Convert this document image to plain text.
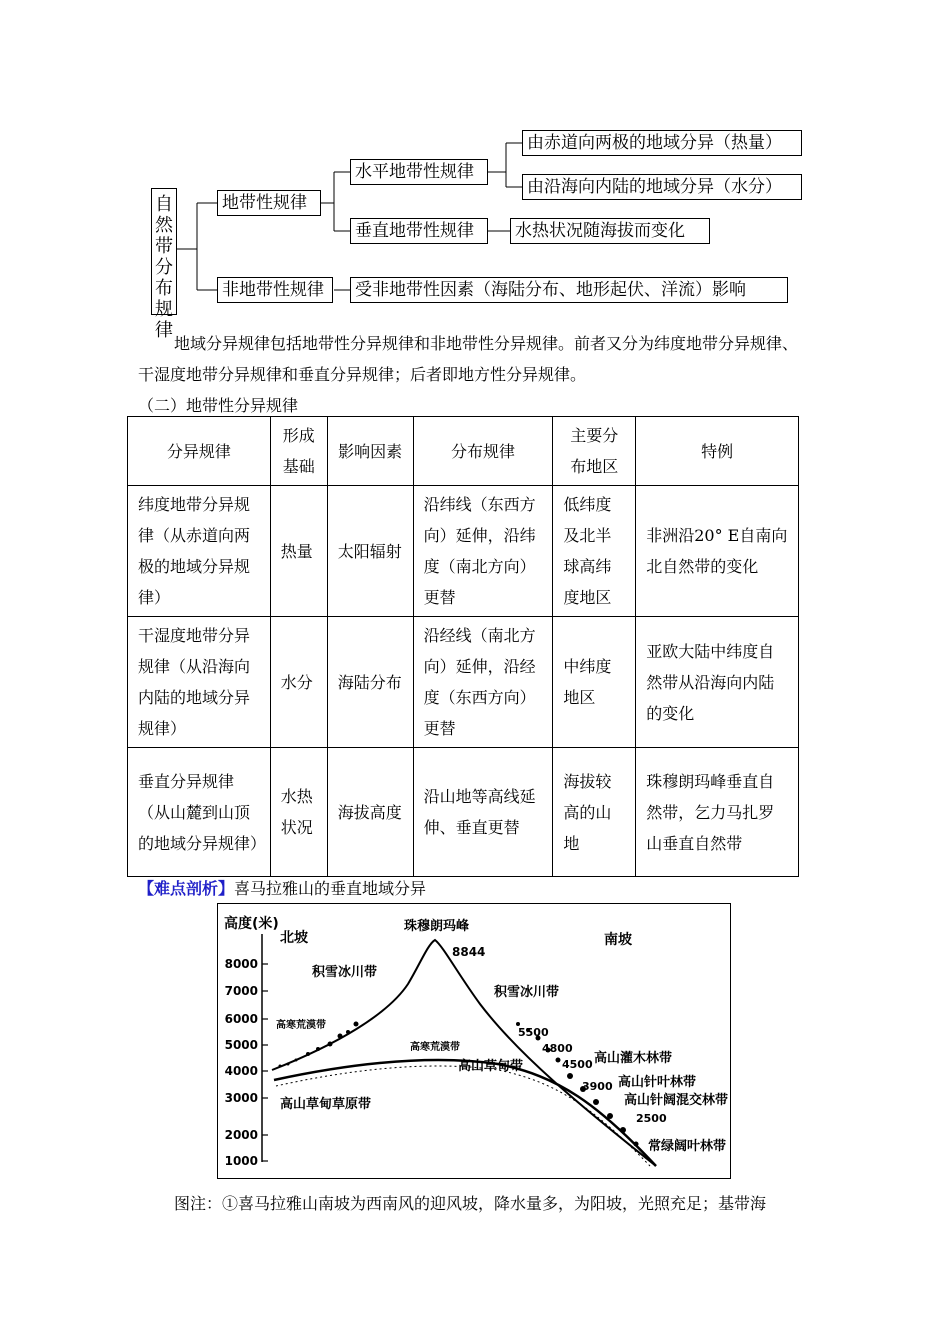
自
然
带
分
布
规
律
地带性规律
水平地带性规律
垂直地带性规律
由赤道向两极的地域分异（热量）
由沿海向内陆的地域分异（水分）
水热状况随海拔而变化
非地带性规律	受非地带性因素（海陆分布、地形起伏、洋流）影响
地域分异规律包括地带性分异规律和非地带性分异规律。前者又分为纬度地带分异规律、干湿度地带分异规律和垂直分异规律；后者即地方性分异规律。
（二）地带性分异规律
分异规律	形成基础	影响因素	分布规律	主要分布地区	特例
纬度地带分异规律（从赤道向两极的地域分异规律）	热量	太阳辐射	沿纬线（东西方向）延伸，沿纬度（南北方向）更替	低纬度及北半球高纬度地区	非洲沿20° E自南向北自然带的变化
干湿度地带分异规律（从沿海向内陆的地域分异规律）	水分	海陆分布	沿经线（南北方向）延伸，沿经度（东西方向）更替	中纬度地区	亚欧大陆中纬度自然带从沿海向内陆的变化
垂直分异规律（从山麓到山顶的地域分异规律）	水热状况	海拔高度	沿山地等高线延伸、垂直更替	海拔较高的山地	珠穆朗玛峰垂直自然带，乞力马扎罗山垂直自然带
【难点剖析】喜马拉雅山的垂直地域分异
高度(米)
8000
7000
6000
5000
4000
3000
2000
1000
北坡	南坡
珠穆朗玛峰
8844
积雪冰川带
积雪冰川带
高寒荒漠带
高寒荒漠带
高山草甸带
高山草甸草原带
5500
4800
4500 高山灌木林带
3900 高山针叶林带
高山针阔混交林带
2500
常绿阔叶林带
图注：①喜马拉雅山南坡为西南风的迎风坡，降水量多，为阳坡，光照充足；基带海
